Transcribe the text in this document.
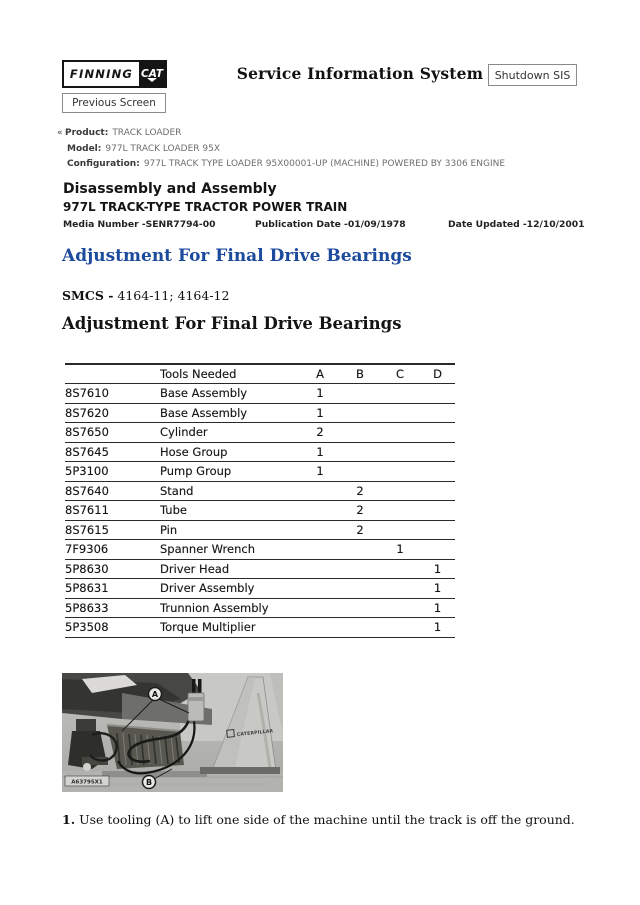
FINNING CAT
Previous Screen
Service Information System	Shutdown SIS
« Product: TRACK LOADER
Model: 977L TRACK LOADER 95X
Configuration: 977L TRACK TYPE LOADER 95X00001-UP (MACHINE) POWERED BY 3306 ENGINE
Disassembly and Assembly
977L TRACK-TYPE TRACTOR POWER TRAIN
Media Number -SENR7794-00	Publication Date -01/09/1978	Date Updated -12/10/2001
Adjustment For Final Drive Bearings
SMCS - 4164-11; 4164-12
Adjustment For Final Drive Bearings
	Tools Needed	A	B	C	D
8S7610	Base Assembly	1			
8S7620	Base Assembly	1			
8S7650	Cylinder	2			
8S7645	Hose Group	1			
5P3100	Pump Group	1			
8S7640	Stand		2		
8S7611	Tube		2		
8S7615	Pin		2		
7F9306	Spanner Wrench			1	
5P8630	Driver Head				1
5P8631	Driver Assembly				1
5P8633	Trunnion Assembly				1
5P3508	Torque Multiplier				1
CATERPILLAR
A
B
A63795X1
1. Use tooling (A) to lift one side of the machine until the track is off the ground.
